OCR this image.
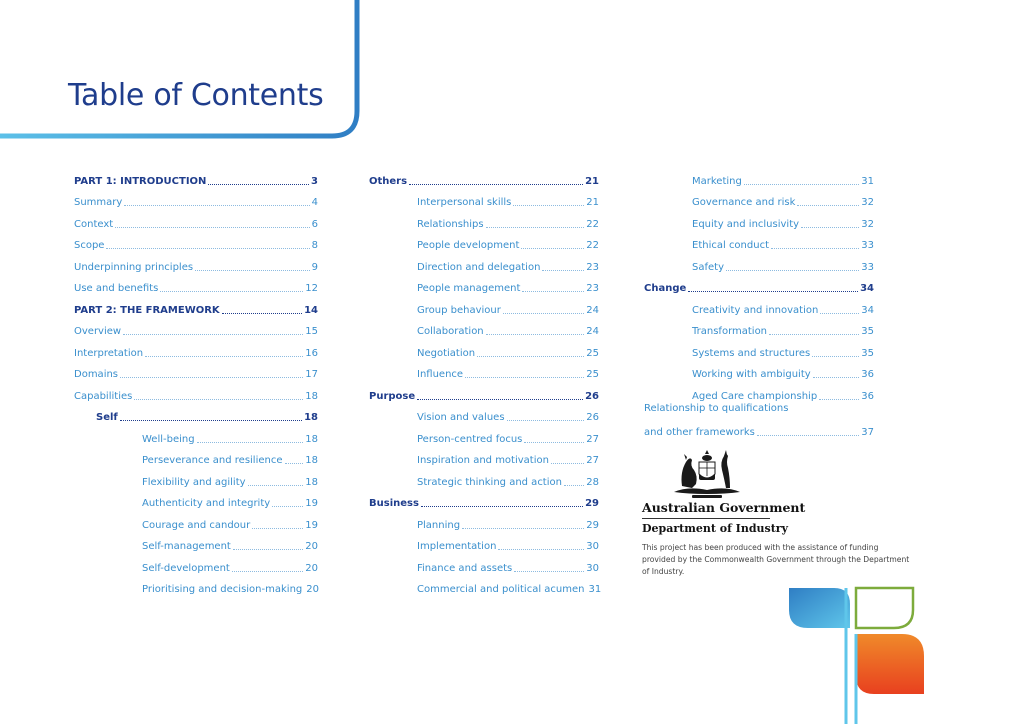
Table of Contents
PART 1: INTRODUCTION	3
Summary	4
Context	6
Scope	8
Underpinning principles	9
Use and benefits	12
PART 2: THE FRAMEWORK	14
Overview	15
Interpretation	16
Domains	17
Capabilities	18
Self	18
Well-being	18
Perseverance and resilience 18
Flexibility and agility	18
Authenticity and integrity	19
Courage and candour	19
Self-management	20
Self-development	20
Prioritising and decision-making 20
Others	21
Interpersonal skills	21
Relationships	22
People development	22
Direction and delegation	23
People management	23
Group behaviour	24
Collaboration	24
Negotiation	25
Influence	25
Purpose	26
Vision and values	26
Person-centred focus	27
Inspiration and motivation	27
Strategic thinking and action 28
Business	29
Planning	29
Implementation	30
Finance and assets	30
Commercial and political acumen 31
Marketing	31
Governance and risk	32
Equity and inclusivity	32
Ethical conduct	33
Safety	33
Change	34
Creativity and innovation	34
Transformation	35
Systems and structures	35
Working with ambiguity	36
Aged Care championship	36
Relationship to qualifications
and other frameworks	37
Australian Government
Department of Industry
This project has been produced with the assistance of funding provided by the Commonwealth Government through the Department of Industry.
